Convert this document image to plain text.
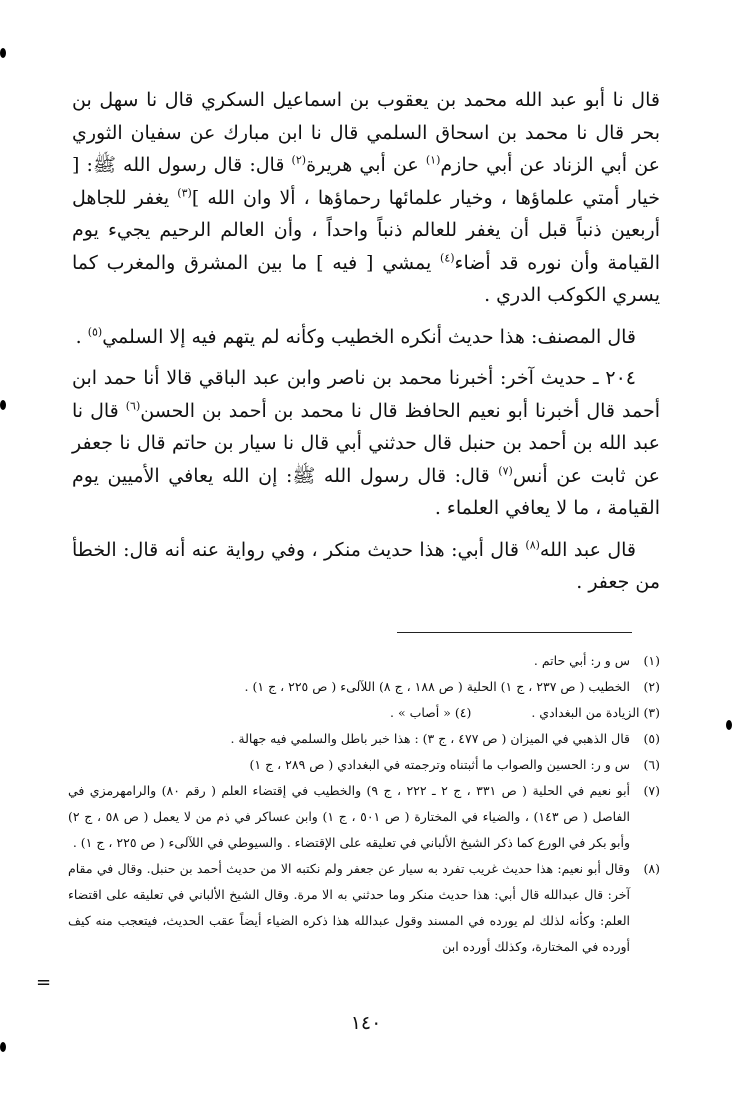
قال نا أبو عبد الله محمد بن يعقوب بن اسماعيل السكري قال نا سهل بن بحر قال نا محمد بن اسحاق السلمي قال نا ابن مبارك عن سفيان الثوري عن أبي الزناد عن أبي حازم$^{(١)}$ عن أبي هريرة$^{(٢)}$ قال: قال رسول الله ﷺ: [ خيار أمتي علماؤها ، وخيار علمائها رحماؤها ، ألا وان الله ]$^{(٣)}$ يغفر للجاهل أربعين ذنباً قبل أن يغفر للعالم ذنباً واحداً ، وأن العالم الرحيم يجيء يوم القيامة وأن نوره قد أضاء$^{(٤)}$ يمشي [ فيه ] ما بين المشرق والمغرب كما يسري الكوكب الدري .

قال المصنف: هذا حديث أنكره الخطيب وكأنه لم يتهم فيه إلا السلمي$^{(٥)}$ .

٢٠٤ ـ حديث آخر: أخبرنا محمد بن ناصر وابن عبد الباقي قالا أنا حمد ابن أحمد قال أخبرنا أبو نعيم الحافظ قال نا محمد بن أحمد بن الحسن$^{(٦)}$ قال نا عبد الله بن أحمد بن حنبل قال حدثني أبي قال نا سيار بن حاتم قال نا جعفر عن ثابت عن أنس$^{(٧)}$ قال: قال رسول الله ﷺ: إن الله يعافي الأميين يوم القيامة ، ما لا يعافي العلماء .

قال عبد الله$^{(٨)}$ قال أبي: هذا حديث منكر ، وفي رواية عنه أنه قال: الخطأ من جعفر .

(١)
س و ر: أبي حاتم .
(٢)
الخطيب ( ص ٢٣٧ ، ج ١) الحلية ( ص ١٨٨ ، ج ٨) اللآلىء ( ص ٢٢٥ ، ج ١) .
(٣) الزيادة من البغدادي .
(٤) « أصاب » .
(٥)
قال الذهبي في الميزان ( ص ٤٧٧ ، ج ٣) : هذا خبر باطل والسلمي فيه جهالة .
(٦)
س و ر: الحسين والصواب ما أثبتناه وترجمته في البغدادي ( ص ٢٨٩ ، ج ١)
(٧)
أبو نعيم في الحلية ( ص ٣٣١ ، ج ٢ ـ ٢٢٢ ، ج ٩) والخطيب في إقتضاء العلم ( رقم ٨٠) والرامهرمزي في الفاصل ( ص ١٤٣) ، والضياء في المختارة ( ص ٥٠١ ، ج ١) وابن عساكر في ذم من لا يعمل ( ص ٥٨ ، ج ٢) وأبو بكر في الورع كما ذكر الشيخ الألباني في تعليقه على الإقتضاء . والسيوطي في اللآلىء ( ص ٢٢٥ ، ج ١) .
(٨)
وقال أبو نعيم: هذا حديث غريب تفرد به سيار عن جعفر ولم نكتبه الا من حديث أحمد بن حنبل. وقال في مقام آخر: قال عبدالله قال أبي: هذا حديث منكر وما حدثني به الا مرة. وقال الشيخ الألباني في تعليقه على اقتضاء العلم: وكأنه لذلك لم يورده في المسند وقول عبدالله هذا ذكره الضياء أيضاً عقب الحديث، فيتعجب منه كيف أورده في المختارة، وكذلك أورده ابن
=
١٤٠
